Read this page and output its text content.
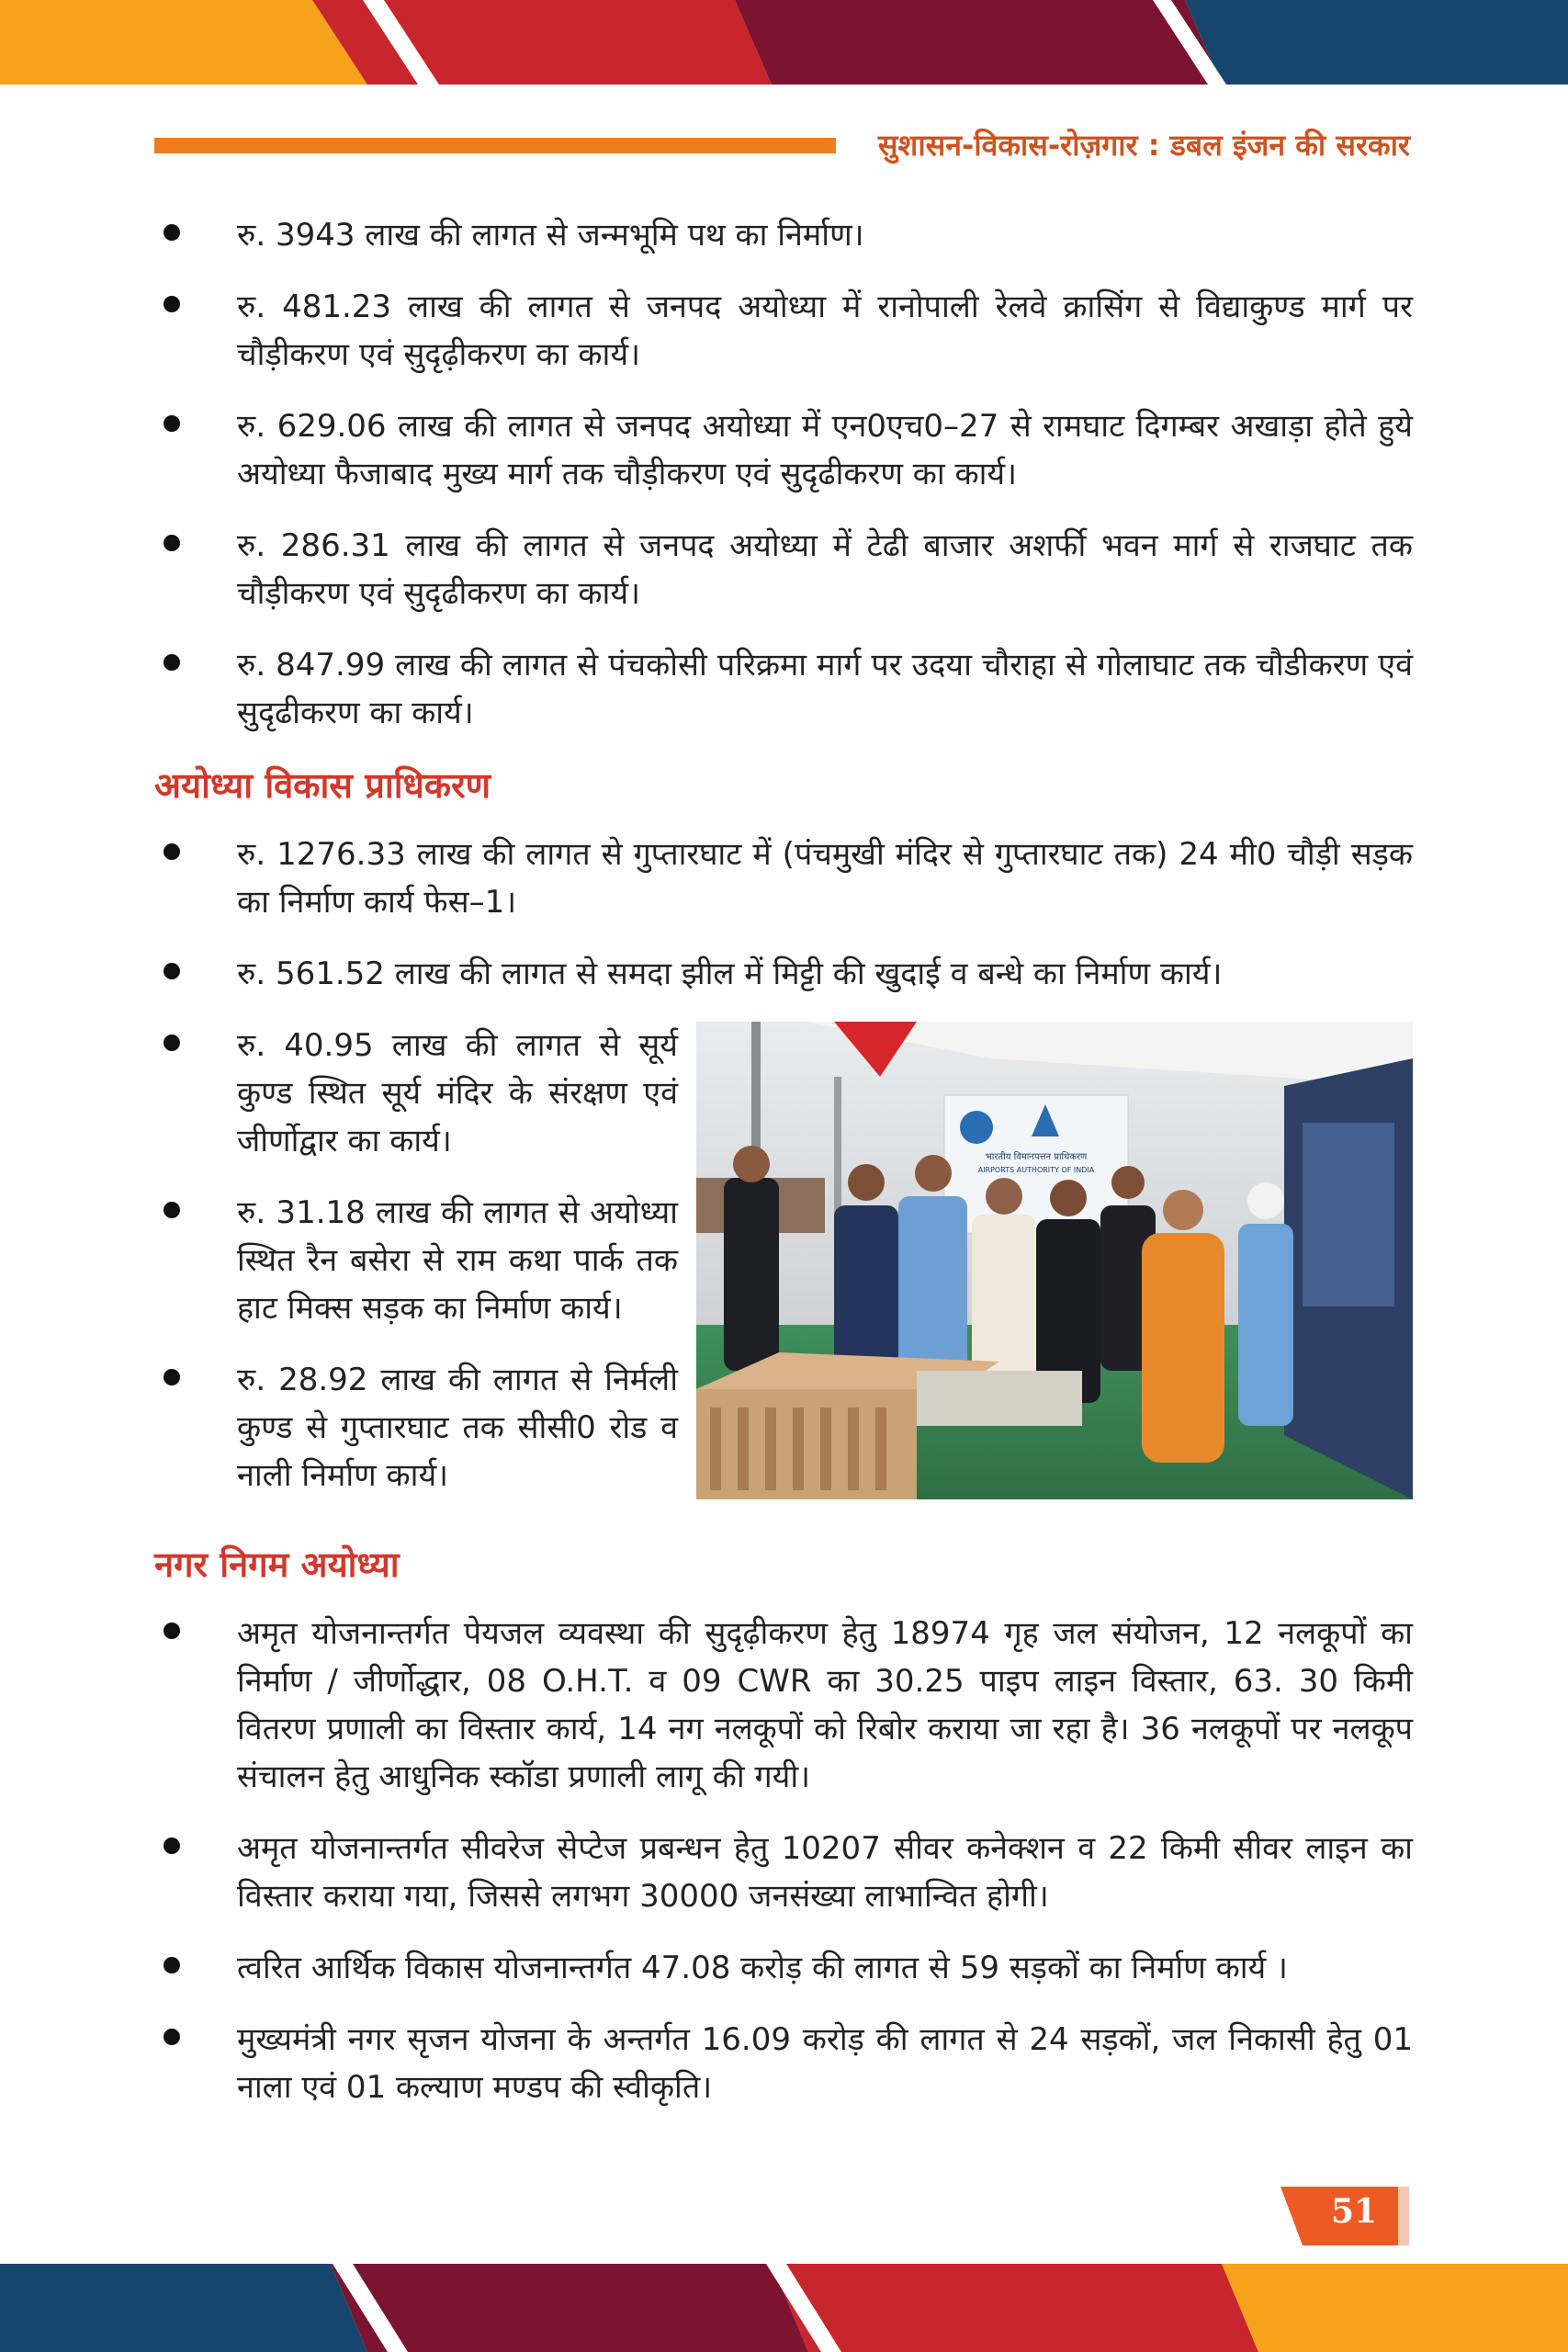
सुशासन-विकास-रोज़गार : डबल इंजन की सरकार
रु. 3943 लाख की लागत से जन्मभूमि पथ का निर्माण।
रु. 481.23 लाख की लागत से जनपद अयोध्या में रानोपाली रेलवे क्रासिंग से विद्याकुण्ड मार्ग पर चौड़ीकरण एवं सुदृढ़ीकरण का कार्य।
रु. 629.06 लाख की लागत से जनपद अयोध्या में एन0एच0–27 से रामघाट दिगम्बर अखाड़ा होते हुये अयोध्या फैजाबाद मुख्य मार्ग तक चौड़ीकरण एवं सुदृढीकरण का कार्य।
रु. 286.31 लाख की लागत से जनपद अयोध्या में टेढी बाजार अशर्फी भवन मार्ग से राजघाट तक चौड़ीकरण एवं सुदृढीकरण का कार्य।
रु. 847.99 लाख की लागत से पंचकोसी परिक्रमा मार्ग पर उदया चौराहा से गोलाघाट तक चौडीकरण एवं सुदृढीकरण का कार्य।
अयोध्या विकास प्राधिकरण
रु. 1276.33 लाख की लागत से गुप्तारघाट में (पंचमुखी मंदिर से गुप्तारघाट तक) 24 मी0 चौड़ी सड़क का निर्माण कार्य फेस–1।
रु. 561.52 लाख की लागत से समदा झील में मिट्टी की खुदाई व बन्धे का निर्माण कार्य।
रु. 40.95 लाख की लागत से सूर्य कुण्ड स्थित सूर्य मंदिर के संरक्षण एवं जीर्णोद्वार का कार्य।
रु. 31.18 लाख की लागत से अयोध्या स्थित रैन बसेरा से राम कथा पार्क तक हाट मिक्स सड़क का निर्माण कार्य।
रु. 28.92 लाख की लागत से निर्मली कुण्ड से गुप्तारघाट तक सीसी0 रोड व नाली निर्माण कार्य।
भारतीय विमानपत्तन प्राधिकरण
AIRPORTS AUTHORITY OF INDIA
नगर निगम अयोध्या
अमृत योजनान्तर्गत पेयजल व्यवस्था की सुदृढ़ीकरण हेतु 18974 गृह जल संयोजन, 12 नलकूपों का निर्माण / जीर्णोद्धार, 08 O.H.T. व 09 CWR का 30.25 पाइप लाइन विस्तार, 63. 30 किमी वितरण प्रणाली का विस्तार कार्य, 14 नग नलकूपों को रिबोर कराया जा रहा है। 36 नलकूपों पर नलकूप संचालन हेतु आधुनिक स्कॉडा प्रणाली लागू की गयी।
अमृत योजनान्तर्गत सीवरेज सेप्टेज प्रबन्धन हेतु 10207 सीवर कनेक्शन व 22 किमी सीवर लाइन का विस्तार कराया गया, जिससे लगभग 30000 जनसंख्या लाभान्वित होगी।
त्वरित आर्थिक विकास योजनान्तर्गत 47.08 करोड़ की लागत से 59 सड़कों का निर्माण कार्य ।
मुख्यमंत्री नगर सृजन योजना के अन्तर्गत 16.09 करोड़ की लागत से 24 सड़कों, जल निकासी हेतु 01 नाला एवं 01 कल्याण मण्डप की स्वीकृति।
51
